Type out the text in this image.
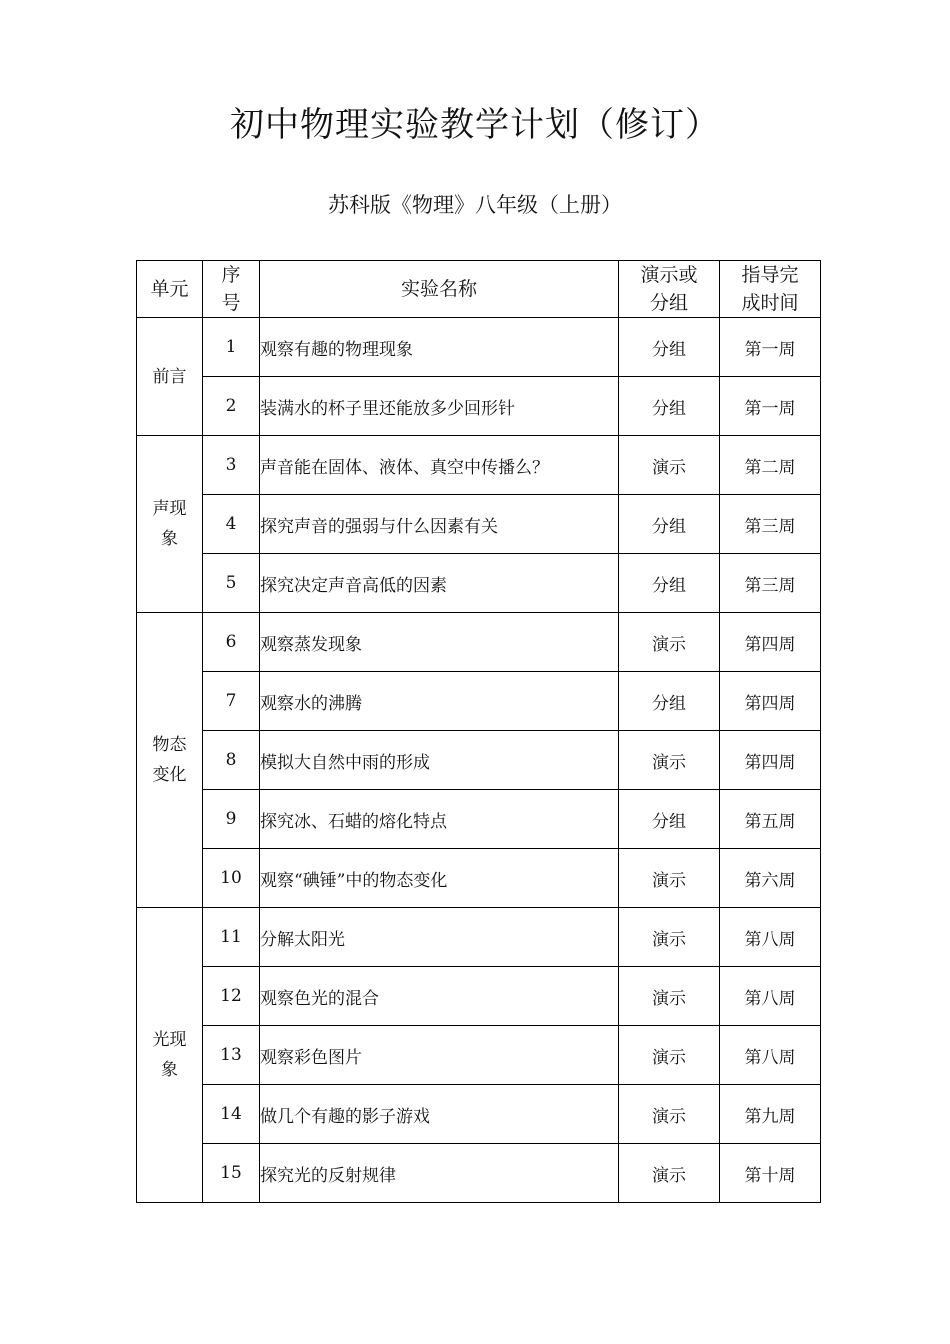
初中物理实验教学计划（修订）
苏科版《物理》八年级（上册）
单元	序号	实验名称	演示或分组	指导完成时间
前言	1	观察有趣的物理现象	分组	第一周
	2	装满水的杯子里还能放多少回形针	分组	第一周
声现象	3	声音能在固体、液体、真空中传播么？	演示	第二周
	4	探究声音的强弱与什么因素有关	分组	第三周
	5	探究决定声音高低的因素	分组	第三周
物态变化	6	观察蒸发现象	演示	第四周
	7	观察水的沸腾	分组	第四周
	8	模拟大自然中雨的形成	演示	第四周
	9	探究冰、石蜡的熔化特点	分组	第五周
	10	观察“碘锤”中的物态变化	演示	第六周
光现象	11	分解太阳光	演示	第八周
	12	观察色光的混合	演示	第八周
	13	观察彩色图片	演示	第八周
	14	做几个有趣的影子游戏	演示	第九周
	15	探究光的反射规律	演示	第十周
